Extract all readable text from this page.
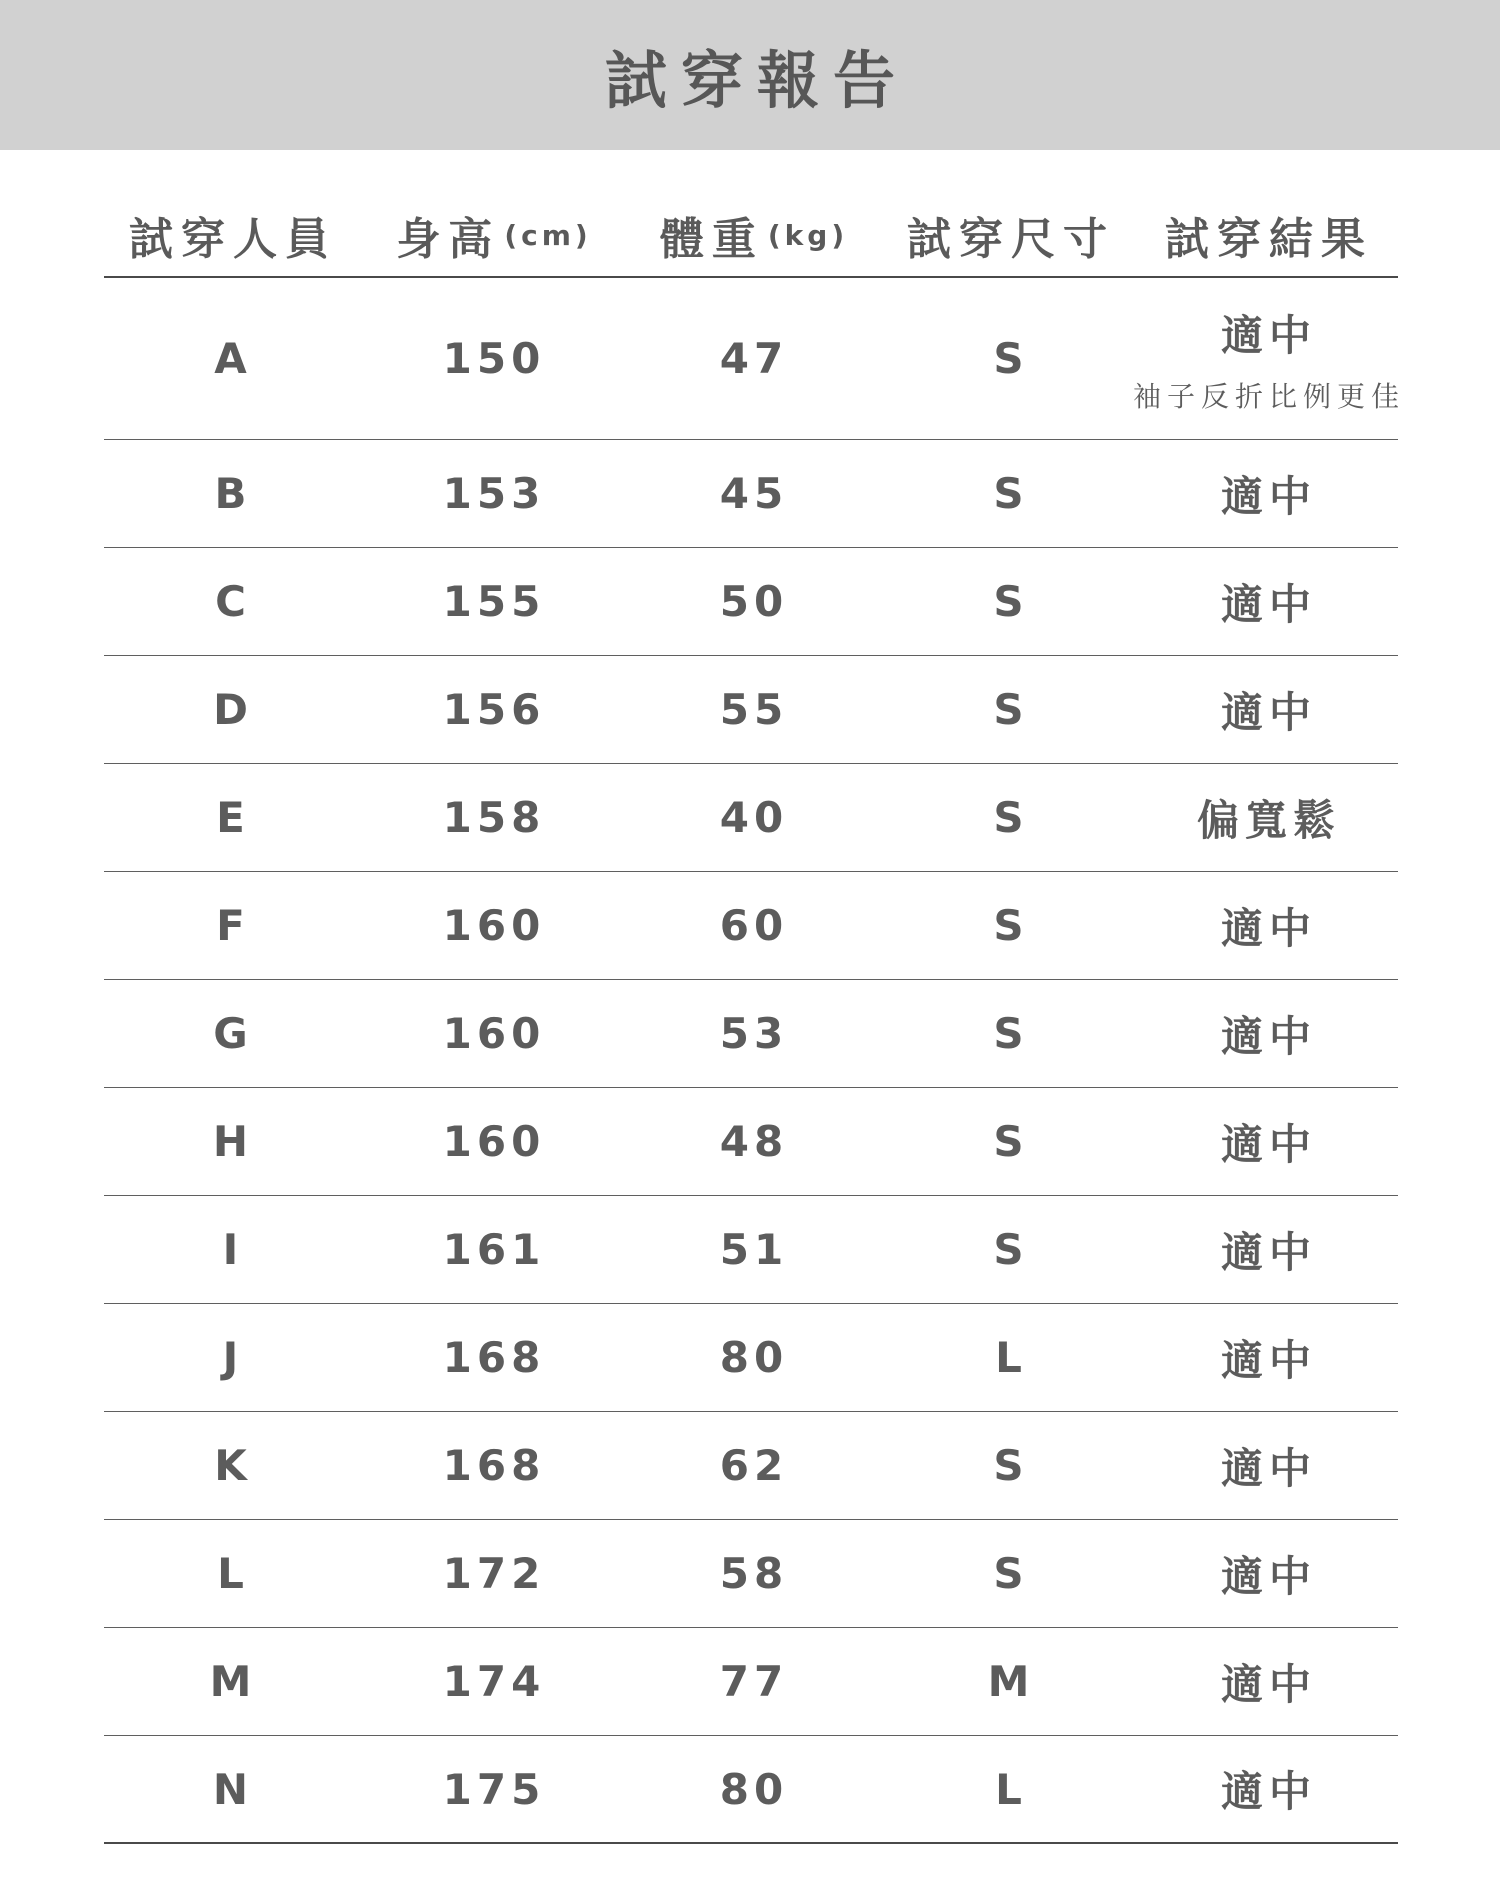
試穿報告
試穿人員 身高 (cm) 體重 (kg) 試穿尺寸 試穿結果
A	150	47	S	適中
袖子反折比例更佳
B	153	45	S	適中
C	155	50	S	適中
D	156	55	S	適中
E	158	40	S	偏寬鬆
F	160	60	S	適中
G	160	53	S	適中
H	160	48	S	適中
I	161	51	S	適中
J	168	80	L	適中
K	168	62	S	適中
L	172	58	S	適中
M	174	77	M	適中
N	175	80	L	適中
